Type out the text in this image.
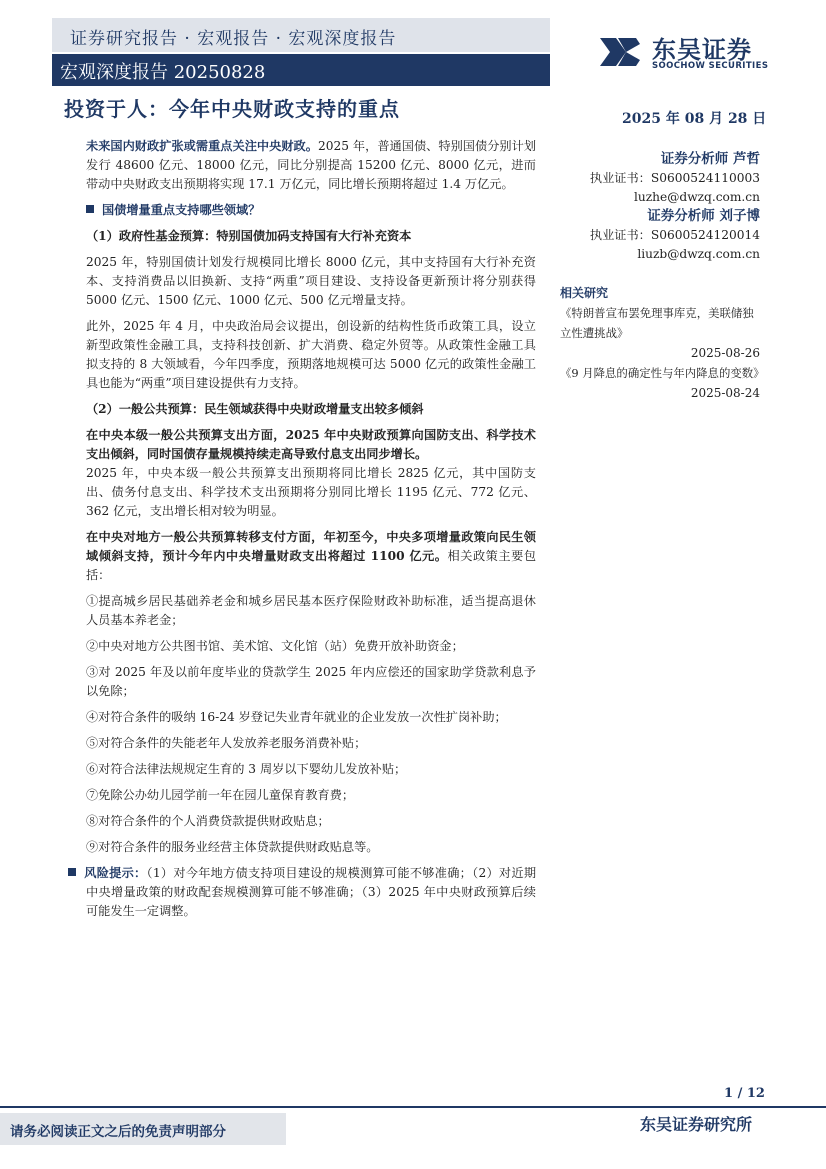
证券研究报告 · 宏观报告 · 宏观深度报告
宏观深度报告 20250828
投资于人：今年中央财政支持的重点	2025 年 08 月 28 日
东吴证券
SOOCHOW SECURITIES

未来国内财政扩张或需重点关注中央财政。2025 年，普通国债、特别国债分别计划发行 48600 亿元、18000 亿元，同比分别提高 15200 亿元、8000 亿元，进而带动中央财政支出预期将实现 17.1 万亿元，同比增长预期将超过 1.4 万亿元。

国债增量重点支持哪些领域？

（1）政府性基金预算：特别国债加码支持国有大行补充资本

2025 年，特别国债计划发行规模同比增长 8000 亿元，其中支持国有大行补充资本、支持消费品以旧换新、支持“两重”项目建设、支持设备更新预计将分别获得 5000 亿元、1500 亿元、1000 亿元、500 亿元增量支持。

此外，2025 年 4 月，中央政治局会议提出，创设新的结构性货币政策工具，设立新型政策性金融工具，支持科技创新、扩大消费、稳定外贸等。从政策性金融工具拟支持的 8 大领域看，今年四季度，预期落地规模可达 5000 亿元的政策性金融工具也能为“两重”项目建设提供有力支持。

（2）一般公共预算：民生领域获得中央财政增量支出较多倾斜

在中央本级一般公共预算支出方面，2025 年中央财政预算向国防支出、科学技术支出倾斜，同时国债存量规模持续走高导致付息支出同步增长。
2025 年，中央本级一般公共预算支出预期将同比增长 2825 亿元，其中国防支出、债务付息支出、科学技术支出预期将分别同比增长 1195 亿元、772 亿元、362 亿元，支出增长相对较为明显。

在中央对地方一般公共预算转移支付方面，年初至今，中央多项增量政策向民生领域倾斜支持，预计今年内中央增量财政支出将超过 1100 亿元。相关政策主要包括：

①提高城乡居民基础养老金和城乡居民基本医疗保险财政补助标准，适当提高退休人员基本养老金；

②中央对地方公共图书馆、美术馆、文化馆（站）免费开放补助资金；

③对 2025 年及以前年度毕业的贷款学生 2025 年内应偿还的国家助学贷款利息予以免除；

④对符合条件的吸纳 16-24 岁登记失业青年就业的企业发放一次性扩岗补助；

⑤对符合条件的失能老年人发放养老服务消费补贴；

⑥对符合法律法规规定生育的 3 周岁以下婴幼儿发放补贴；

⑦免除公办幼儿园学前一年在园儿童保育教育费；

⑧对符合条件的个人消费贷款提供财政贴息；

⑨对符合条件的服务业经营主体贷款提供财政贴息等。

风险提示：（1）对今年地方债支持项目建设的规模测算可能不够准确；（2）对近期中央增量政策的财政配套规模测算可能不够准确；（3）2025 年中央财政预算后续可能发生一定调整。

证券分析师 芦哲
执业证书：S0600524110003
luzhe@dwzq.com.cn
证券分析师 刘子博
执业证书：S0600524120014
liuzb@dwzq.com.cn
相关研究
《特朗普宣布罢免理事库克，美联储独立性遭挑战》
2025-08-26
《9 月降息的确定性与年内降息的变数》
2025-08-24
1 / 12
请务必阅读正文之后的免责声明部分	东吴证券研究所
